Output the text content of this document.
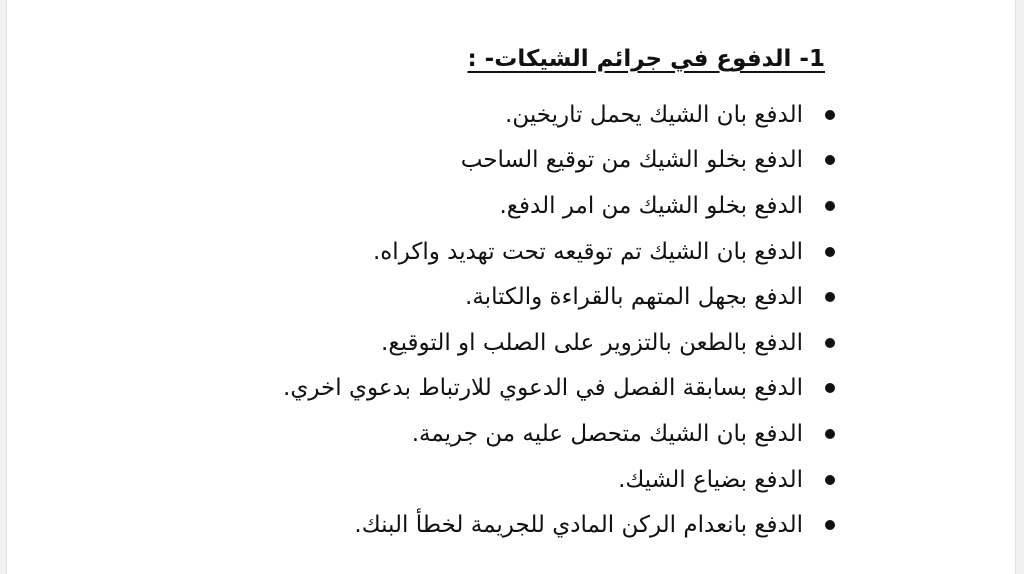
1- الدفوع في جرائم الشيكات- :
الدفع بان الشيك يحمل تاريخين.
الدفع بخلو الشيك من توقيع الساحب
الدفع بخلو الشيك من امر الدفع.
الدفع بان الشيك تم توقيعه تحت تهديد واكراه.
الدفع بجهل المتهم بالقراءة والكتابة.
الدفع بالطعن بالتزوير على الصلب او التوقيع.
الدفع بسابقة الفصل في الدعوي للارتباط بدعوي اخري.
الدفع بان الشيك متحصل عليه من جريمة.
الدفع بضياع الشيك.
الدفع بانعدام الركن المادي للجريمة لخطأ البنك.
